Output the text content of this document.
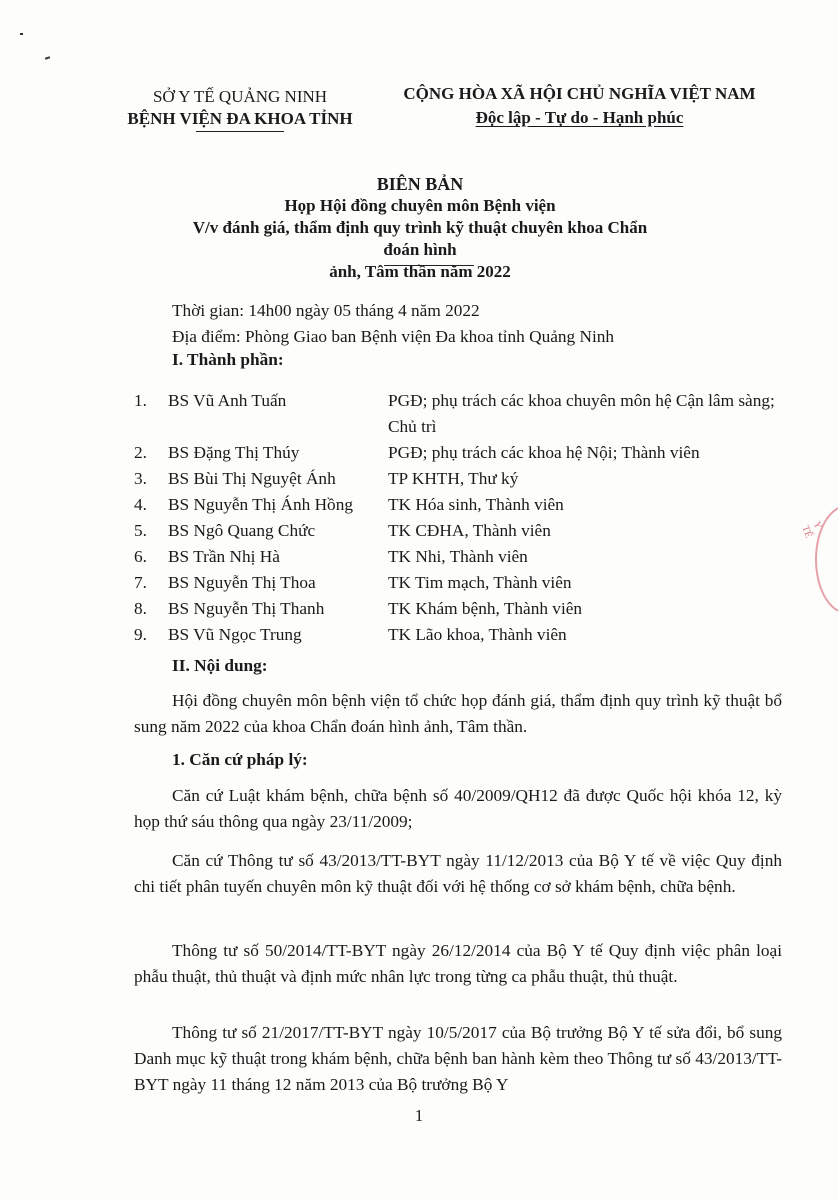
SỞ Y TẾ QUẢNG NINH
BỆNH VIỆN ĐA KHOA TỈNH
CỘNG HÒA XÃ HỘI CHỦ NGHĨA VIỆT NAM
Độc lập - Tự do - Hạnh phúc
BIÊN BẢN
Họp Hội đồng chuyên môn Bệnh viện
V/v đánh giá, thẩm định quy trình kỹ thuật chuyên khoa Chẩn đoán hình
ảnh, Tâm thần năm 2022
Thời gian: 14h00 ngày 05 tháng 4 năm 2022
Địa điểm: Phòng Giao ban Bệnh viện Đa khoa tỉnh Quảng Ninh
I. Thành phần:
1.	BS Vũ Anh Tuấn	PGĐ; phụ trách các khoa chuyên môn hệ Cận lâm sàng; Chủ trì
2.	BS Đặng Thị Thúy	PGĐ; phụ trách các khoa hệ Nội; Thành viên
3.	BS Bùi Thị Nguyệt Ánh	TP KHTH, Thư ký
4.	BS Nguyễn Thị Ánh Hồng	TK Hóa sinh, Thành viên
5.	BS Ngô Quang Chức	TK CĐHA, Thành viên
6.	BS Trần Nhị Hà	TK Nhi, Thành viên
7.	BS Nguyễn Thị Thoa	TK Tim mạch, Thành viên
8.	BS Nguyễn Thị Thanh	TK Khám bệnh, Thành viên
9.	BS Vũ Ngọc Trung	TK Lão khoa, Thành viên
II. Nội dung:
Hội đồng chuyên môn bệnh viện tổ chức họp đánh giá, thẩm định quy trình kỹ thuật bổ sung năm 2022 của khoa Chẩn đoán hình ảnh, Tâm thần.
1. Căn cứ pháp lý:
Căn cứ Luật khám bệnh, chữa bệnh số 40/2009/QH12 đã được Quốc hội khóa 12, kỳ họp thứ sáu thông qua ngày 23/11/2009;
Căn cứ Thông tư số 43/2013/TT-BYT ngày 11/12/2013 của Bộ Y tế về việc Quy định chi tiết phân tuyến chuyên môn kỹ thuật đối với hệ thống cơ sở khám bệnh, chữa bệnh.
Thông tư số 50/2014/TT-BYT ngày 26/12/2014 của Bộ Y tế Quy định việc phân loại phẫu thuật, thủ thuật và định mức nhân lực trong từng ca phẫu thuật, thủ thuật.
Thông tư số 21/2017/TT-BYT ngày 10/5/2017 của Bộ trưởng Bộ Y tế sửa đổi, bổ sung Danh mục kỹ thuật trong khám bệnh, chữa bệnh ban hành kèm theo Thông tư số 43/2013/TT-BYT ngày 11 tháng 12 năm 2013 của Bộ trưởng Bộ Y
1
Y TẾ
